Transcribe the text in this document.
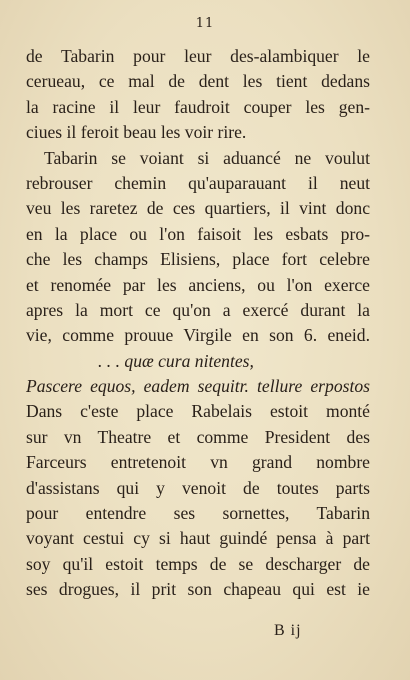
11
de Tabarin pour leur des-alambiquer le
cerueau, ce mal de dent les tient dedans
la racine il leur faudroit couper les gen-
ciues il feroit beau les voir rire.
Tabarin se voiant si aduancé ne voulut
rebrouser chemin qu'auparauant il neut
veu les raretez de ces quartiers, il vint donc
en la place ou l'on faisoit les esbats pro-
che les champs Elisiens, place fort celebre
et renomée par les anciens, ou l'on exerce
apres la mort ce qu'on a exercé durant la
vie, comme prouue Virgile en son 6. eneid.
. . . quæ cura nitentes,
Pascere equos, eadem sequitr. tellure erpostos
Dans c'este place Rabelais estoit monté
sur vn Theatre et comme President des
Farceurs entretenoit vn grand nombre
d'assistans qui y venoit de toutes parts
pour entendre ses sornettes, Tabarin
voyant cestui cy si haut guindé pensa à part
soy qu'il estoit temps de se descharger de
ses drogues, il prit son chapeau qui est ie
B ij
